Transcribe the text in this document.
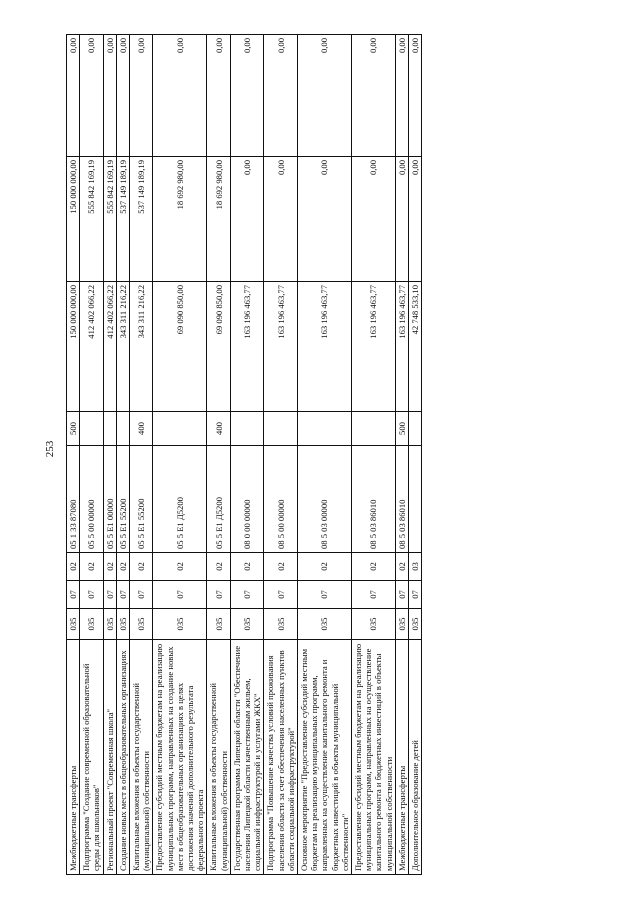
253
Межбюджетные трансферты	035	07	02	05 1 33 87080	500	150 000 000,00	150 000 000,00	0,00
Подпрограмма "Создание современной образовательной среды для школьников"	035	07	02	05 5 00 00000		412 402 066,22	555 842 169,19	0,00
Региональный проект "Современная школа"	035	07	02	05 5 E1 00000		412 402 066,22	555 842 169,19	0,00
Создание новых мест в общеобразовательных организациях	035	07	02	05 5 E1 55200		343 311 216,22	537 149 189,19	0,00
Капитальные вложения в объекты государственной (муниципальной) собственности	035	07	02	05 5 E1 55200	400	343 311 216,22	537 149 189,19	0,00
Предоставление субсидий местным бюджетам на реализацию муниципальных программ, направленных на создание новых мест в общеобразовательных организациях в целях достижения значений дополнительного результата федерального проекта	035	07	02	05 5 E1 Д5200		69 090 850,00	18 692 980,00	0,00
Капитальные вложения в объекты государственной (муниципальной) собственности	035	07	02	05 5 E1 Д5200	400	69 090 850,00	18 692 980,00	0,00
Государственная программа Липецкой области "Обеспечение населения Липецкой области качественным жильем, социальной инфраструктурой и услугами ЖКХ"	035	07	02	08 0 00 00000		163 196 463,77	0,00	0,00
Подпрограмма "Повышение качества условий проживания населения области за счет обеспечения населенных пунктов области социальной инфраструктурой"	035	07	02	08 5 00 00000		163 196 463,77	0,00	0,00
Основное мероприятие "Предоставление субсидий местным бюджетам на реализацию муниципальных программ, направленных на осуществление капитального ремонта и бюджетных инвестиций в объекты муниципальной собственности"	035	07	02	08 5 03 00000		163 196 463,77	0,00	0,00
Предоставление субсидий местным бюджетам на реализацию муниципальных программ, направленных на осуществление капитального ремонта и бюджетных инвестиций в объекты муниципальной собственности	035	07	02	08 5 03 86010		163 196 463,77	0,00	0,00
Межбюджетные трансферты	035	07	02	08 5 03 86010	500	163 196 463,77	0,00	0,00
Дополнительное образование детей	035	07	03			42 748 533,10	0,00	0,00
